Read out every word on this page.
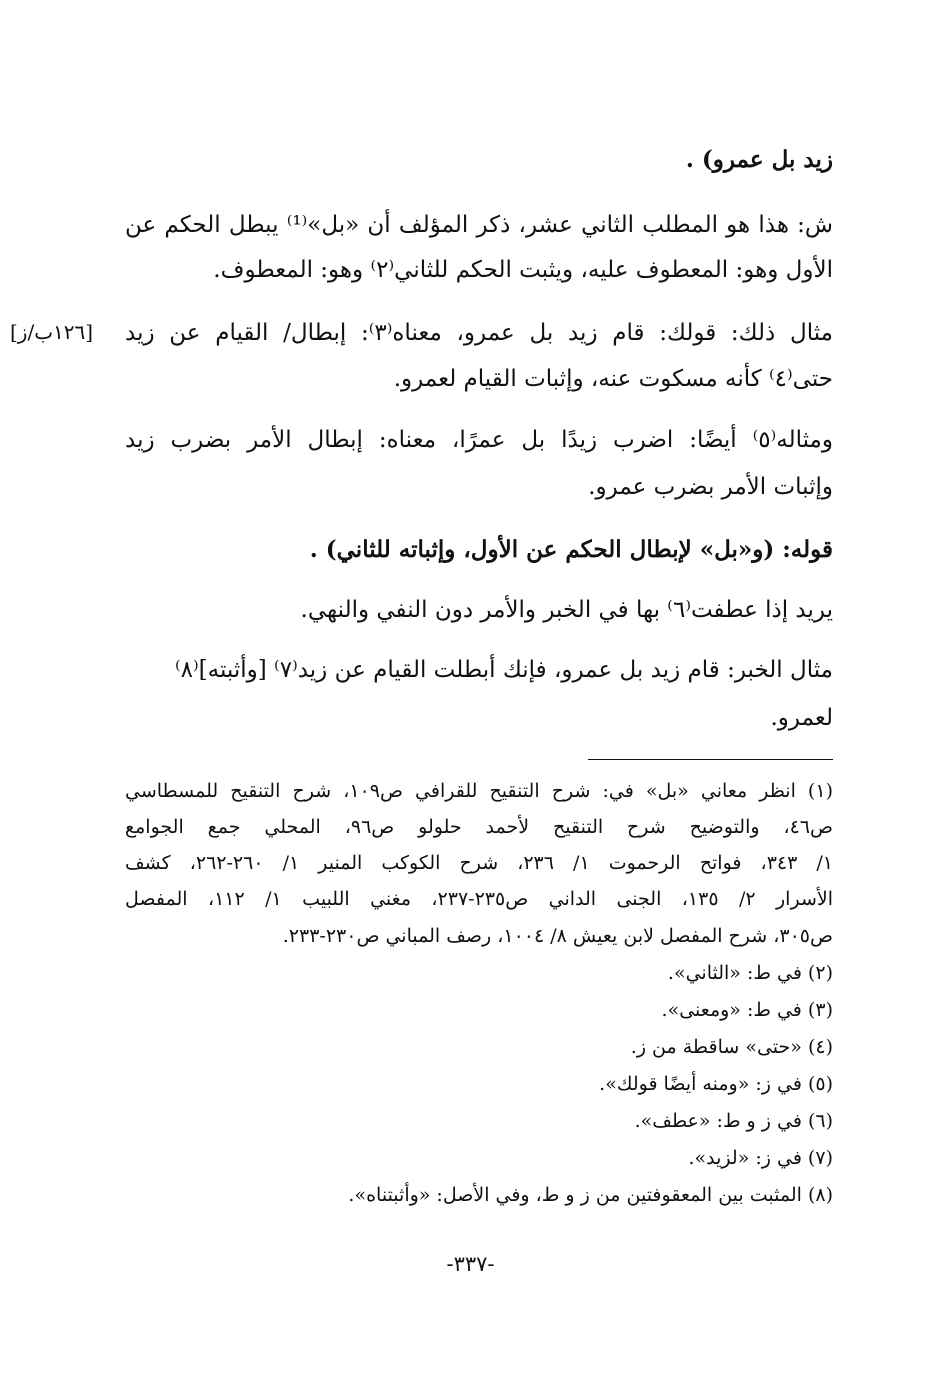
زيد بل عمرو) .
ش: هذا هو المطلب الثاني عشر، ذكر المؤلف أن «بل»⁽¹⁾ يبطل الحكم عن
الأول وهو: المعطوف عليه، ويثبت الحكم للثاني⁽٢⁾ وهو: المعطوف.
مثال ذلك: قولك: قام زيد بل عمرو، معناه⁽٣⁾: إبطال/ القيام عن زيد
حتى⁽٤⁾ كأنه مسكوت عنه، وإثبات القيام لعمرو.
ومثاله⁽٥⁾ أيضًا: اضرب زيدًا بل عمرًا، معناه: إبطال الأمر بضرب زيد
وإثبات الأمر بضرب عمرو.
قوله: (و«بل» لإبطال الحكم عن الأول، وإثباته للثاني) .
يريد إذا عطفت⁽٦⁾ بها في الخبر والأمر دون النفي والنهي.
مثال الخبر: قام زيد بل عمرو، فإنك أبطلت القيام عن زيد⁽٧⁾ [وأثبته]⁽٨⁾
لعمرو.
[١٢٦ب/ز]
(١) انظر معاني «بل» في: شرح التنقيح للقرافي ص١٠٩، شرح التنقيح للمسطاسي
ص٤٦، والتوضيح شرح التنقيح لأحمد حلولو ص٩٦، المحلي جمع الجوامع
١/ ٣٤٣، فواتح الرحموت ١/ ٢٣٦، شرح الكوكب المنير ١/ ٢٦٠-٢٦٢، كشف
الأسرار ٢/ ١٣٥، الجنى الداني ص٢٣٥-٢٣٧، مغني اللبيب ١/ ١١٢، المفصل
ص٣٠٥، شرح المفصل لابن يعيش ٨/ ١٠٠٤، رصف المباني ص٢٣٠-٢٣٣.
(٢) في ط: «الثاني».
(٣) في ط: «ومعنى».
(٤) «حتى» ساقطة من ز.
(٥) في ز: «ومنه أيضًا قولك».
(٦) في ز و ط: «عطف».
(٧) في ز: «لزيد».
(٨) المثبت بين المعقوفتين من ز و ط، وفي الأصل: «وأثبتناه».
-٣٣٧-
